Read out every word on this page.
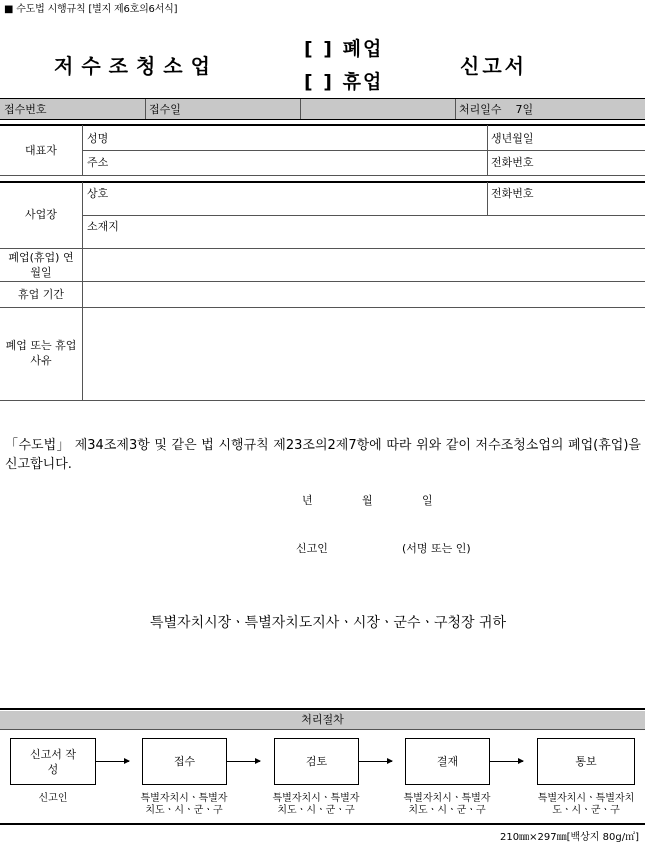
■ 수도법 시행규칙 [별지 제6호의6서식]
저수조청소업
[ ] 폐업
[ ] 휴업
신고서
접수번호	접수일	처리일수 7일
대표자
성명	생년월일
주소	전화번호
사업장
상호	전화번호
소재지
폐업(휴업) 연월일
휴업 기간
폐업 또는 휴업 사유
「수도법」 제34조제3항 및 같은 법 시행규칙 제23조의2제7항에 따라 위와 같이 저수조청소업의 폐업(휴업)을 신고합니다.
년	월	일
신고인	(서명 또는 인)
특별자치시장ㆍ특별자치도지사ㆍ시장ㆍ군수ㆍ구청장 귀하
처리절차
신고서 작성
접수	검토	결재	통보
신고인	특별자치시ㆍ특별자치도ㆍ시ㆍ군ㆍ구
특별자치시ㆍ특별자치도ㆍ시ㆍ군ㆍ구
특별자치시ㆍ특별자치도ㆍ시ㆍ군ㆍ구
특별자치시ㆍ특별자치도ㆍ시ㆍ군ㆍ구
210㎜×297㎜[백상지 80g/㎡]
